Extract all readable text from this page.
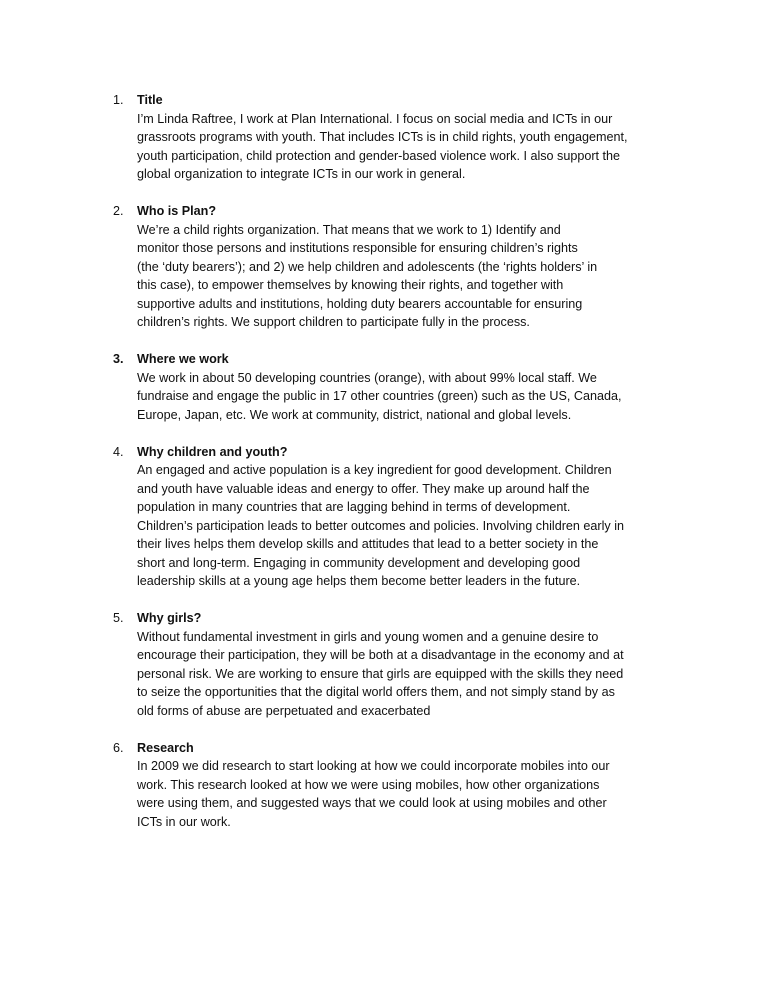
1. Title
I’m Linda Raftree, I work at Plan International. I focus on social media and ICTs in our
grassroots programs with youth. That includes ICTs is in child rights, youth engagement,
youth participation, child protection and gender-based violence work. I also support the
global organization to integrate ICTs in our work in general.
2. Who is Plan?
We’re a child rights organization. That means that we work to 1) Identify and
monitor those persons and institutions responsible for ensuring children’s rights
(the ‘duty bearers’); and 2) we help children and adolescents (the ‘rights holders’ in
this case), to empower themselves by knowing their rights, and together with
supportive adults and institutions, holding duty bearers accountable for ensuring
children’s rights. We support children to participate fully in the process.
3. Where we work
We work in about 50 developing countries (orange), with about 99% local staff. We
fundraise and engage the public in 17 other countries (green) such as the US, Canada,
Europe, Japan, etc. We work at community, district, national and global levels.
4. Why children and youth?
An engaged and active population is a key ingredient for good development. Children
and youth have valuable ideas and energy to offer. They make up around half the
population in many countries that are lagging behind in terms of development.
Children’s participation leads to better outcomes and policies. Involving children early in
their lives helps them develop skills and attitudes that lead to a better society in the
short and long-term. Engaging in community development and developing good
leadership skills at a young age helps them become better leaders in the future.
5. Why girls?
Without fundamental investment in girls and young women and a genuine desire to
encourage their participation, they will be both at a disadvantage in the economy and at
personal risk. We are working to ensure that girls are equipped with the skills they need
to seize the opportunities that the digital world offers them, and not simply stand by as
old forms of abuse are perpetuated and exacerbated
6. Research
In 2009 we did research to start looking at how we could incorporate mobiles into our
work. This research looked at how we were using mobiles, how other organizations
were using them, and suggested ways that we could look at using mobiles and other
ICTs in our work.
